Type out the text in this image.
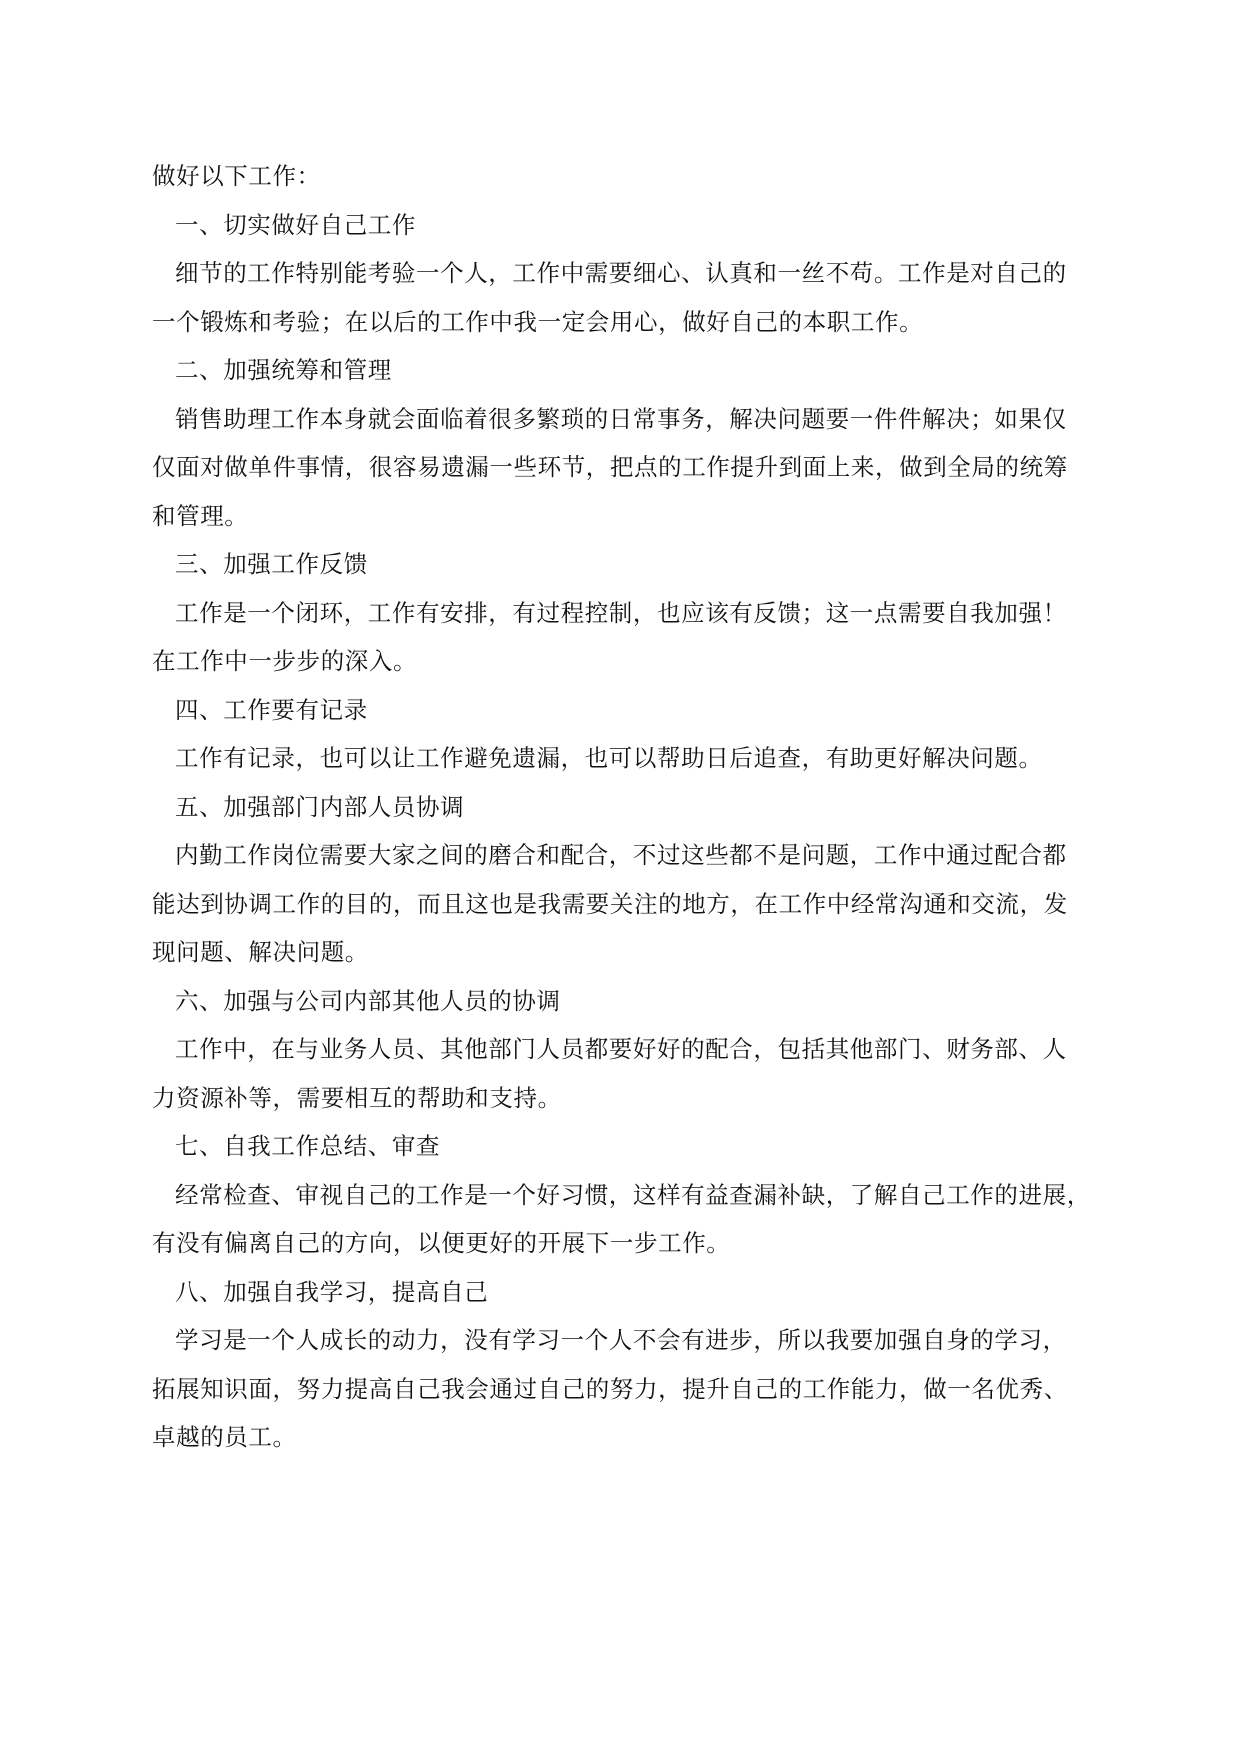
做好以下工作：
一、切实做好自己工作
细节的工作特别能考验一个人，工作中需要细心、认真和一丝不苟。工作是对自己的
一个锻炼和考验；在以后的工作中我一定会用心，做好自己的本职工作。
二、加强统筹和管理
销售助理工作本身就会面临着很多繁琐的日常事务，解决问题要一件件解决；如果仅
仅面对做单件事情，很容易遗漏一些环节，把点的工作提升到面上来，做到全局的统筹
和管理。
三、加强工作反馈
工作是一个闭环，工作有安排，有过程控制，也应该有反馈；这一点需要自我加强！
在工作中一步步的深入。
四、工作要有记录
工作有记录，也可以让工作避免遗漏，也可以帮助日后追查，有助更好解决问题。
五、加强部门内部人员协调
内勤工作岗位需要大家之间的磨合和配合，不过这些都不是问题，工作中通过配合都
能达到协调工作的目的，而且这也是我需要关注的地方，在工作中经常沟通和交流，发
现问题、解决问题。
六、加强与公司内部其他人员的协调
工作中，在与业务人员、其他部门人员都要好好的配合，包括其他部门、财务部、人
力资源补等，需要相互的帮助和支持。
七、自我工作总结、审查
经常检查、审视自己的工作是一个好习惯，这样有益查漏补缺，了解自己工作的进展，
有没有偏离自己的方向，以便更好的开展下一步工作。
八、加强自我学习，提高自己
学习是一个人成长的动力，没有学习一个人不会有进步，所以我要加强自身的学习，
拓展知识面，努力提高自己我会通过自己的努力，提升自己的工作能力，做一名优秀、
卓越的员工。
